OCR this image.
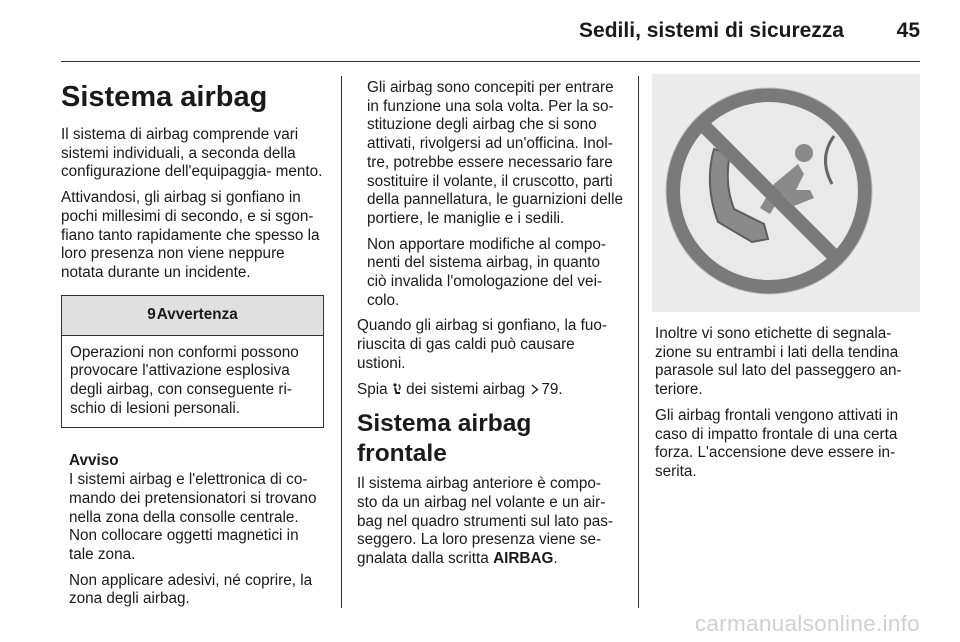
Sedili, sistemi di sicurezza	45
Sistema airbag

Il sistema di airbag comprende vari sistemi individuali, a seconda della configurazione dell'equipaggia- mento.

Attivandosi, gli airbag si gonfiano in pochi millesimi di secondo, e si sgon- fiano tanto rapidamente che spesso la loro presenza non viene neppure notata durante un incidente.

9 Avvertenza
Operazioni non conformi possono provocare l'attivazione esplosiva degli airbag, con conseguente ri- schio di lesioni personali.
Avviso

I sistemi airbag e l'elettronica di co- mando dei pretensionatori si trovano nella zona della consolle centrale. Non collocare oggetti magnetici in tale zona.

Non applicare adesivi, né coprire, la zona degli airbag.

Gli airbag sono concepiti per entrare in funzione una sola volta. Per la so- stituzione degli airbag che si sono attivati, rivolgersi ad un'officina. Inol- tre, potrebbe essere necessario fare sostituire il volante, il cruscotto, parti della pannellatura, le guarnizioni delle portiere, le maniglie e i sedili.

Non apportare modifiche al compo- nenti del sistema airbag, in quanto ciò invalida l'omologazione del vei- colo.

Quando gli airbag si gonfiano, la fuo- riuscita di gas caldi può causare ustioni.

Spia dei sistemi airbag 79.

Sistema airbag frontale

Il sistema airbag anteriore è compo- sto da un airbag nel volante e un air- bag nel quadro strumenti sul lato pas- seggero. La loro presenza viene se- gnalata dalla scritta AIRBAG.

Inoltre vi sono etichette di segnala- zione su entrambi i lati della tendina parasole sul lato del passeggero an- teriore.

Gli airbag frontali vengono attivati in caso di impatto frontale di una certa forza. L'accensione deve essere in- serita.

carmanualsonline.info
